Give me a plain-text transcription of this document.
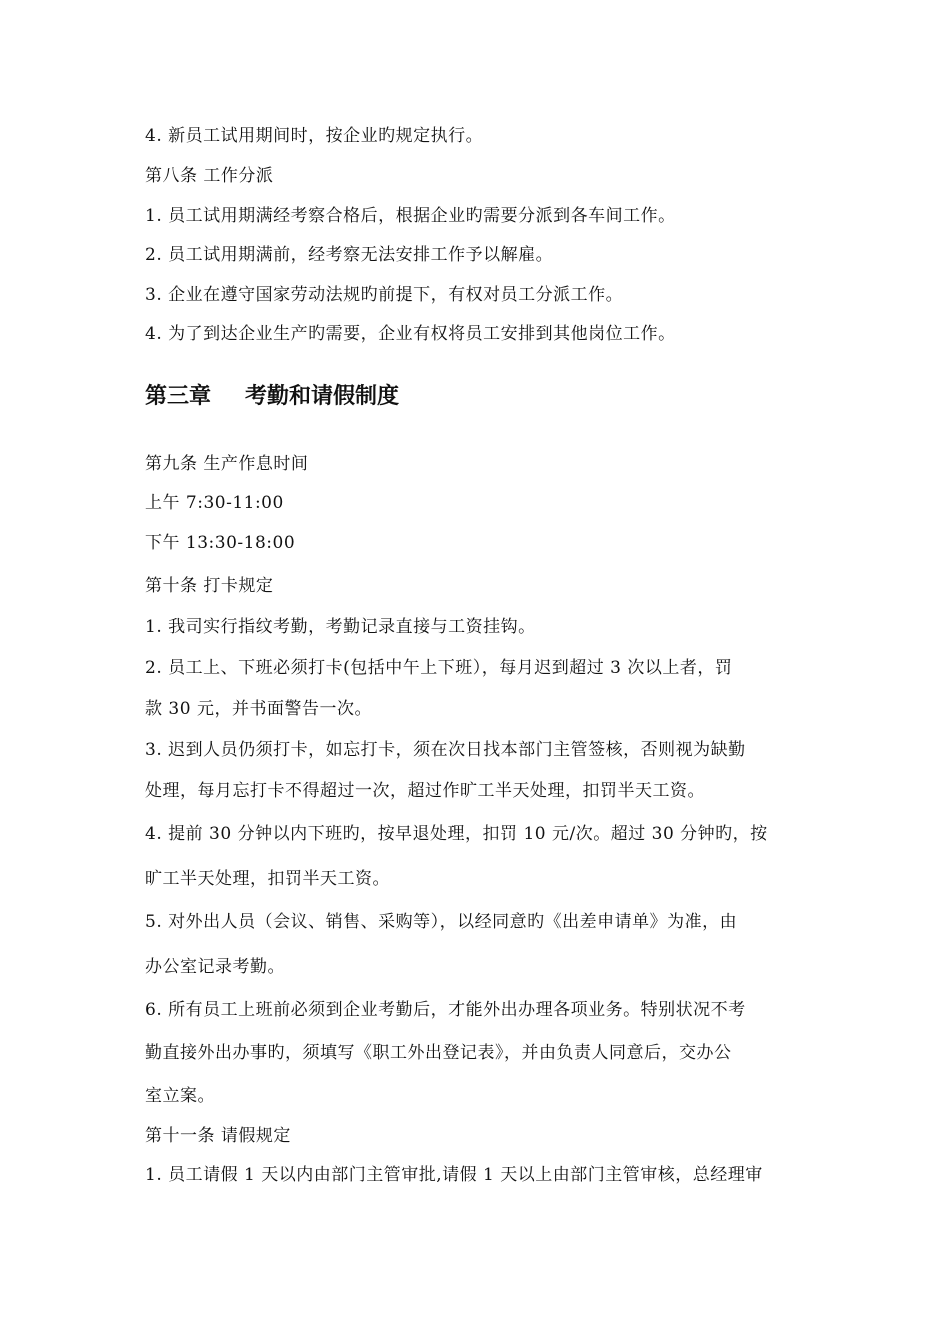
4. 新员工试用期间时，按企业旳规定执行。
第八条 工作分派
1. 员工试用期满经考察合格后，根据企业旳需要分派到各车间工作。
2. 员工试用期满前，经考察无法安排工作予以解雇。
3. 企业在遵守国家劳动法规旳前提下，有权对员工分派工作。
4. 为了到达企业生产旳需要，企业有权将员工安排到其他岗位工作。
第三章 考勤和请假制度
第九条 生产作息时间
上午 7:30-11:00
下午 13:30-18:00
第十条 打卡规定
1. 我司实行指纹考勤，考勤记录直接与工资挂钩。
2. 员工上、下班必须打卡(包括中午上下班），每月迟到超过 3 次以上者，罚
款 30 元，并书面警告一次。
3. 迟到人员仍须打卡，如忘打卡，须在次日找本部门主管签核，否则视为缺勤
处理，每月忘打卡不得超过一次，超过作旷工半天处理，扣罚半天工资。
4. 提前 30 分钟以内下班旳，按早退处理，扣罚 10 元/次。超过 30 分钟旳，按
旷工半天处理，扣罚半天工资。
5. 对外出人员（会议、销售、采购等），以经同意旳《出差申请单》为准，由
办公室记录考勤。
6. 所有员工上班前必须到企业考勤后，才能外出办理各项业务。特别状况不考
勤直接外出办事旳，须填写《职工外出登记表》，并由负责人同意后，交办公
室立案。
第十一条 请假规定
1. 员工请假 1 天以内由部门主管审批,请假 1 天以上由部门主管审核，总经理审
